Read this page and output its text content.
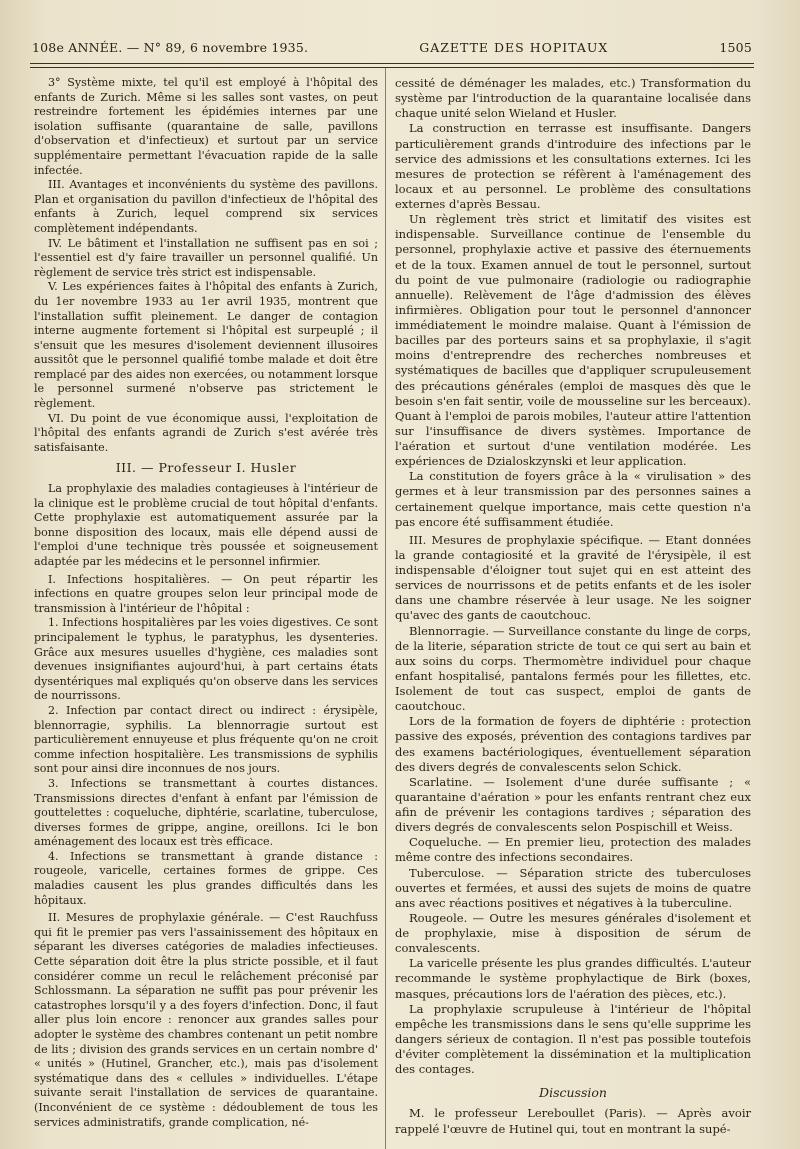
108e ANNÉE. — N° 89, 6 novembre 1935.	GAZETTE DES HOPITAUX	1505

3° Système mixte, tel qu'il est employé à l'hôpital des enfants de Zurich. Même si les salles sont vastes, on peut restreindre fortement les épidémies internes par une isolation suffisante (quarantaine de salle, pavillons d'observation et d'infectieux) et surtout par un service supplémentaire permettant l'évacuation rapide de la salle infectée.

III. Avantages et inconvénients du système des pavillons. Plan et organisation du pavillon d'infectieux de l'hôpital des enfants à Zurich, lequel comprend six services complètement indépendants.

IV. Le bâtiment et l'installation ne suffisent pas en soi ; l'essentiel est d'y faire travailler un personnel qualifié. Un règlement de service très strict est indispensable.

V. Les expériences faites à l'hôpital des enfants à Zurich, du 1er novembre 1933 au 1er avril 1935, montrent que l'installation suffit pleinement. Le danger de contagion interne augmente fortement si l'hôpital est surpeuplé ; il s'ensuit que les mesures d'isolement deviennent illusoires aussitôt que le personnel qualifié tombe malade et doit être remplacé par des aides non exercées, ou notamment lorsque le personnel surmené n'observe pas strictement le règlement.

VI. Du point de vue économique aussi, l'exploitation de l'hôpital des enfants agrandi de Zurich s'est avérée très satisfaisante.

III. — Professeur I. Husler

La prophylaxie des maladies contagieuses à l'intérieur de la clinique est le problème crucial de tout hôpital d'enfants. Cette prophylaxie est automatiquement assurée par la bonne disposition des locaux, mais elle dépend aussi de l'emploi d'une technique très poussée et soigneusement adaptée par les médecins et le personnel infirmier.

I. Infections hospitalières. — On peut répartir les infections en quatre groupes selon leur principal mode de transmission à l'intérieur de l'hôpital :

1. Infections hospitalières par les voies digestives. Ce sont principalement le typhus, le paratyphus, les dysenteries. Grâce aux mesures usuelles d'hygiène, ces maladies sont devenues insignifiantes aujourd'hui, à part certains états dysentériques mal expliqués qu'on observe dans les services de nourrissons.

2. Infection par contact direct ou indirect : érysipèle, blennorragie, syphilis. La blennorragie surtout est particulièrement ennuyeuse et plus fréquente qu'on ne croit comme infection hospitalière. Les transmissions de syphilis sont pour ainsi dire inconnues de nos jours.

3. Infections se transmettant à courtes distances. Transmissions directes d'enfant à enfant par l'émission de gouttelettes : coqueluche, diphtérie, scarlatine, tuberculose, diverses formes de grippe, angine, oreillons. Ici le bon aménagement des locaux est très efficace.

4. Infections se transmettant à grande distance : rougeole, varicelle, certaines formes de grippe. Ces maladies causent les plus grandes difficultés dans les hôpitaux.

II. Mesures de prophylaxie générale. — C'est Rauchfuss qui fit le premier pas vers l'assainissement des hôpitaux en séparant les diverses catégories de maladies infectieuses. Cette séparation doit être la plus stricte possible, et il faut considérer comme un recul le relâchement préconisé par Schlossmann. La séparation ne suffit pas pour prévenir les catastrophes lorsqu'il y a des foyers d'infection. Donc, il faut aller plus loin encore : renoncer aux grandes salles pour adopter le système des chambres contenant un petit nombre de lits ; division des grands services en un certain nombre d' « unités » (Hutinel, Grancher, etc.), mais pas d'isolement systématique dans des « cellules » individuelles. L'étape suivante serait l'installation de services de quarantaine. (Inconvénient de ce système : dédoublement de tous les services administratifs, grande complication, né-

cessité de déménager les malades, etc.) Transformation du système par l'introduction de la quarantaine localisée dans chaque unité selon Wieland et Husler.

La construction en terrasse est insuffisante. Dangers particulièrement grands d'introduire des infections par le service des admissions et les consultations externes. Ici les mesures de protection se réfèrent à l'aménagement des locaux et au personnel. Le problème des consultations externes d'après Bessau.

Un règlement très strict et limitatif des visites est indispensable. Surveillance continue de l'ensemble du personnel, prophylaxie active et passive des éternuements et de la toux. Examen annuel de tout le personnel, surtout du point de vue pulmonaire (radiologie ou radiographie annuelle). Relèvement de l'âge d'admission des élèves infirmières. Obligation pour tout le personnel d'annoncer immédiatement le moindre malaise. Quant à l'émission de bacilles par des porteurs sains et sa prophylaxie, il s'agit moins d'entreprendre des recherches nombreuses et systématiques de bacilles que d'appliquer scrupuleusement des précautions générales (emploi de masques dès que le besoin s'en fait sentir, voile de mousseline sur les berceaux). Quant à l'emploi de parois mobiles, l'auteur attire l'attention sur l'insuffisance de divers systèmes. Importance de l'aération et surtout d'une ventilation modérée. Les expériences de Dzialoskzynski et leur application.

La constitution de foyers grâce à la « virulisation » des germes et à leur transmission par des personnes saines a certainement quelque importance, mais cette question n'a pas encore été suffisamment étudiée.

III. Mesures de prophylaxie spécifique. — Etant données la grande contagiosité et la gravité de l'érysipèle, il est indispensable d'éloigner tout sujet qui en est atteint des services de nourrissons et de petits enfants et de les isoler dans une chambre réservée à leur usage. Ne les soigner qu'avec des gants de caoutchouc.

Blennorragie. — Surveillance constante du linge de corps, de la literie, séparation stricte de tout ce qui sert au bain et aux soins du corps. Thermomètre individuel pour chaque enfant hospitalisé, pantalons fermés pour les fillettes, etc. Isolement de tout cas suspect, emploi de gants de caoutchouc.

Lors de la formation de foyers de diphtérie : protection passive des exposés, prévention des contagions tardives par des examens bactériologiques, éventuellement séparation des divers degrés de convalescents selon Schick.

Scarlatine. — Isolement d'une durée suffisante ; « quarantaine d'aération » pour les enfants rentrant chez eux afin de prévenir les contagions tardives ; séparation des divers degrés de convalescents selon Pospischill et Weiss.

Coqueluche. — En premier lieu, protection des malades même contre des infections secondaires.

Tuberculose. — Séparation stricte des tuberculoses ouvertes et fermées, et aussi des sujets de moins de quatre ans avec réactions positives et négatives à la tuberculine.

Rougeole. — Outre les mesures générales d'isolement et de prophylaxie, mise à disposition de sérum de convalescents.

La varicelle présente les plus grandes difficultés. L'auteur recommande le système prophylactique de Birk (boxes, masques, précautions lors de l'aération des pièces, etc.).

La prophylaxie scrupuleuse à l'intérieur de l'hôpital empêche les transmissions dans le sens qu'elle supprime les dangers sérieux de contagion. Il n'est pas possible toutefois d'éviter complètement la dissémination et la multiplication des contages.

Discussion

M. le professeur Lereboullet (Paris). — Après avoir rappelé l'œuvre de Hutinel qui, tout en montrant la supé-
